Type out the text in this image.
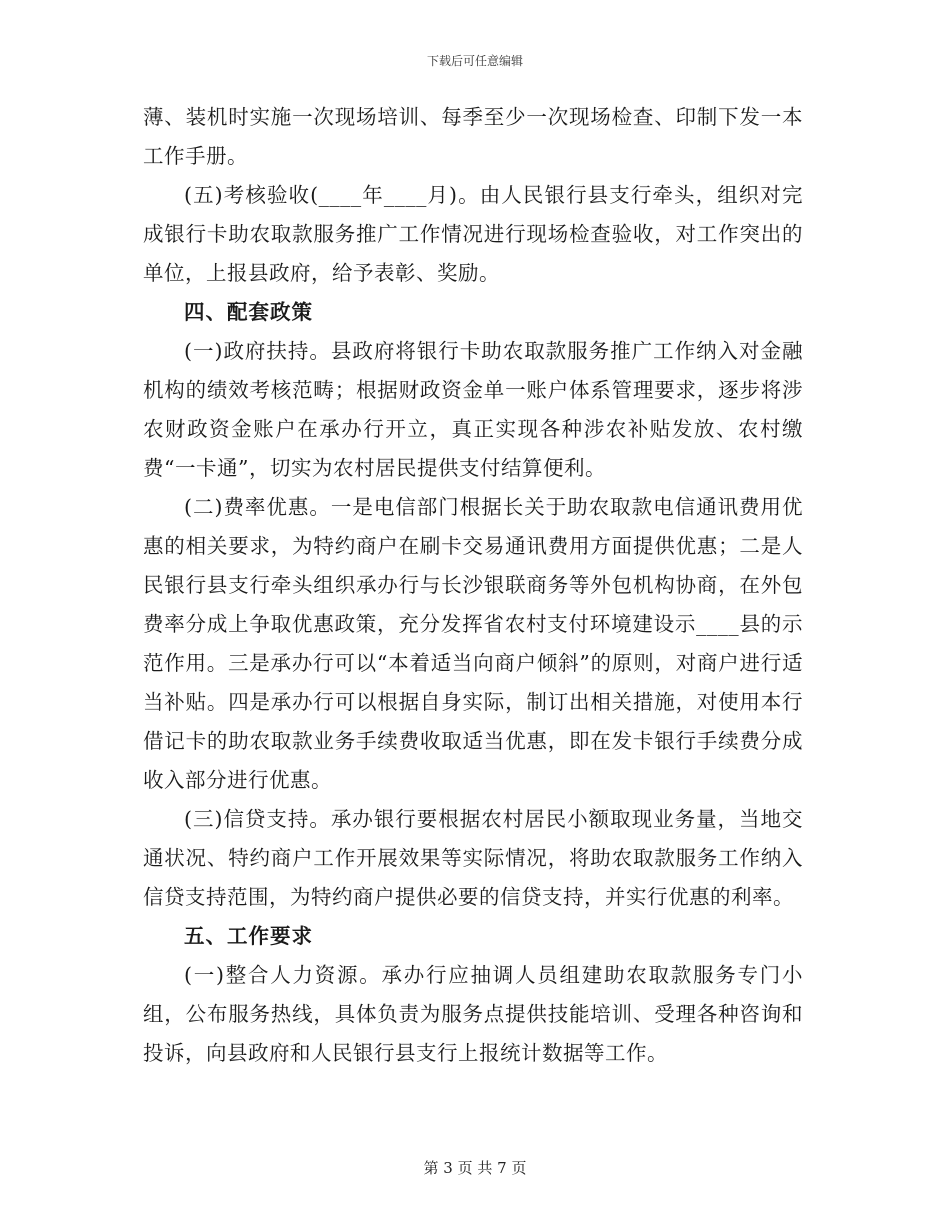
下载后可任意编辑

薄、装机时实施一次现场培训、每季至少一次现场检查、印制下发一本工作手册。

(五)考核验收(____年____月)。由人民银行县支行牵头，组织对完成银行卡助农取款服务推广工作情况进行现场检查验收，对工作突出的单位，上报县政府，给予表彰、奖励。

四、配套政策

(一)政府扶持。县政府将银行卡助农取款服务推广工作纳入对金融机构的绩效考核范畴；根据财政资金单一账户体系管理要求，逐步将涉农财政资金账户在承办行开立，真正实现各种涉农补贴发放、农村缴费“一卡通”，切实为农村居民提供支付结算便利。

(二)费率优惠。一是电信部门根据长关于助农取款电信通讯费用优惠的相关要求，为特约商户在刷卡交易通讯费用方面提供优惠；二是人民银行县支行牵头组织承办行与长沙银联商务等外包机构协商，在外包费率分成上争取优惠政策，充分发挥省农村支付环境建设示____县的示范作用。三是承办行可以“本着适当向商户倾斜”的原则，对商户进行适当补贴。四是承办行可以根据自身实际，制订出相关措施，对使用本行借记卡的助农取款业务手续费收取适当优惠，即在发卡银行手续费分成收入部分进行优惠。

(三)信贷支持。承办银行要根据农村居民小额取现业务量，当地交通状况、特约商户工作开展效果等实际情况，将助农取款服务工作纳入信贷支持范围，为特约商户提供必要的信贷支持，并实行优惠的利率。

五、工作要求

(一)整合人力资源。承办行应抽调人员组建助农取款服务专门小组，公布服务热线，具体负责为服务点提供技能培训、受理各种咨询和投诉，向县政府和人民银行县支行上报统计数据等工作。

第 3 页 共 7 页
